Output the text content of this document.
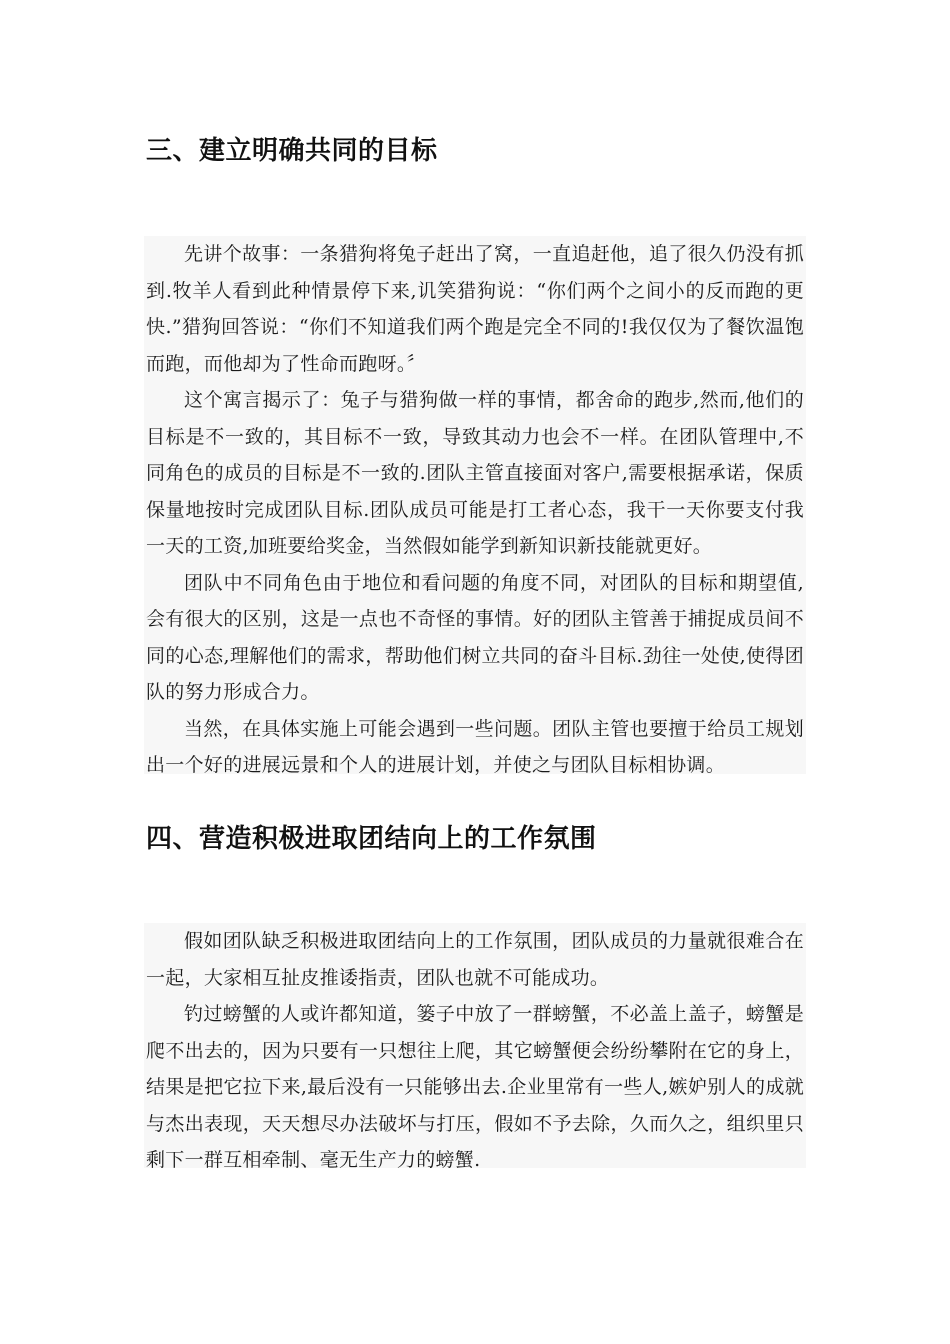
三、建立明确共同的目标

先讲个故事：一条猎狗将兔子赶出了窝，一直追赶他，追了很久仍没有抓到.牧羊人看到此种情景停下来,讥笑猎狗说：“你们两个之间小的反而跑的更快.”猎狗回答说：“你们不知道我们两个跑是完全不同的!我仅仅为了餐饮温饱而跑，而他却为了性命而跑呀。〞

这个寓言揭示了：兔子与猎狗做一样的事情，都舍命的跑步,然而,他们的目标是不一致的，其目标不一致，导致其动力也会不一样。在团队管理中,不同角色的成员的目标是不一致的.团队主管直接面对客户,需要根据承诺，保质保量地按时完成团队目标.团队成员可能是打工者心态，我干一天你要支付我一天的工资,加班要给奖金，当然假如能学到新知识新技能就更好。

团队中不同角色由于地位和看问题的角度不同，对团队的目标和期望值,会有很大的区别，这是一点也不奇怪的事情。好的团队主管善于捕捉成员间不同的心态,理解他们的需求，帮助他们树立共同的奋斗目标.劲往一处使,使得团队的努力形成合力。

当然，在具体实施上可能会遇到一些问题。团队主管也要擅于给员工规划出一个好的进展远景和个人的进展计划，并使之与团队目标相协调。

四、营造积极进取团结向上的工作氛围

假如团队缺乏积极进取团结向上的工作氛围，团队成员的力量就很难合在一起，大家相互扯皮推诿指责，团队也就不可能成功。

钓过螃蟹的人或许都知道，篓子中放了一群螃蟹，不必盖上盖子，螃蟹是爬不出去的，因为只要有一只想往上爬，其它螃蟹便会纷纷攀附在它的身上，结果是把它拉下来,最后没有一只能够出去.企业里常有一些人,嫉妒别人的成就与杰出表现，天天想尽办法破坏与打压，假如不予去除，久而久之，组织里只剩下一群互相牵制、毫无生产力的螃蟹.
